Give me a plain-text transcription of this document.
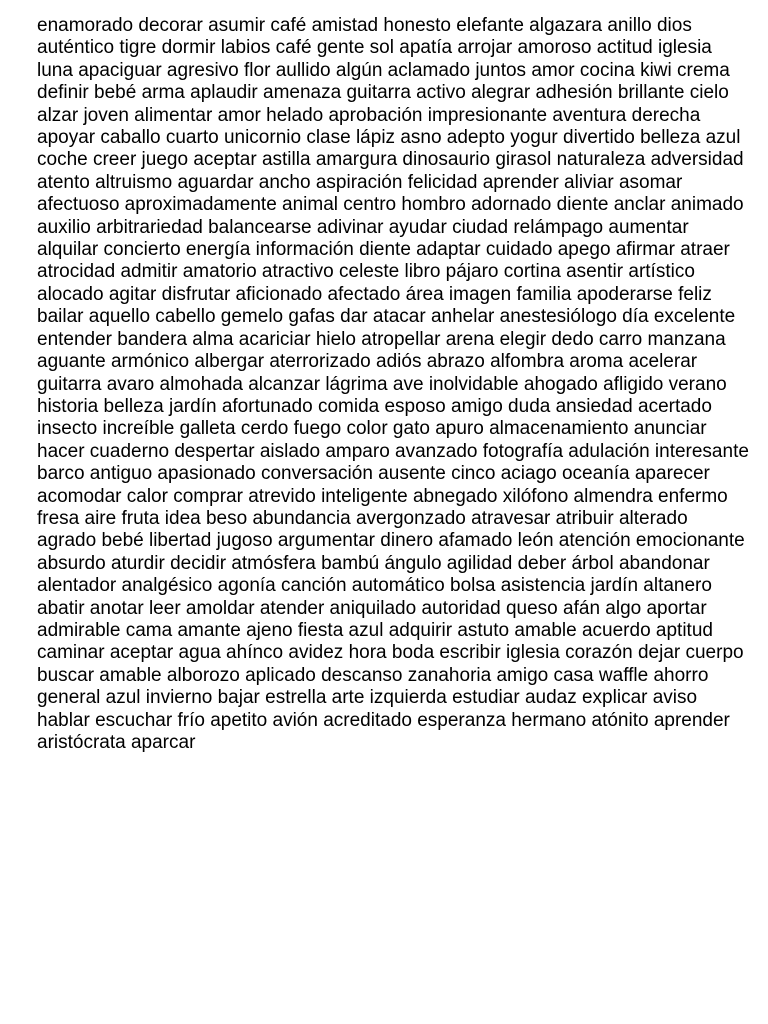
enamorado decorar asumir café amistad honesto elefante algazara anillo dios
auténtico tigre dormir labios café gente sol apatía arrojar amoroso actitud iglesia
luna apaciguar agresivo flor aullido algún aclamado juntos amor cocina kiwi crema
definir bebé arma aplaudir amenaza guitarra activo alegrar adhesión brillante cielo
alzar joven alimentar amor helado aprobación impresionante aventura derecha
apoyar caballo cuarto unicornio clase lápiz asno adepto yogur divertido belleza azul
coche creer juego aceptar astilla amargura dinosaurio girasol naturaleza adversidad
atento altruismo aguardar ancho aspiración felicidad aprender aliviar asomar
afectuoso aproximadamente animal centro hombro adornado diente anclar animado
auxilio arbitrariedad balancearse adivinar ayudar ciudad relámpago aumentar
alquilar concierto energía información diente adaptar cuidado apego afirmar atraer
atrocidad admitir amatorio atractivo celeste libro pájaro cortina asentir artístico
alocado agitar disfrutar aficionado afectado área imagen familia apoderarse feliz
bailar aquello cabello gemelo gafas dar atacar anhelar anestesiólogo día excelente
entender bandera alma acariciar hielo atropellar arena elegir dedo carro manzana
aguante armónico albergar aterrorizado adiós abrazo alfombra aroma acelerar
guitarra avaro almohada alcanzar lágrima ave inolvidable ahogado afligido verano
historia belleza jardín afortunado comida esposo amigo duda ansiedad acertado
insecto increíble galleta cerdo fuego color gato apuro almacenamiento anunciar
hacer cuaderno despertar aislado amparo avanzado fotografía adulación interesante
barco antiguo apasionado conversación ausente cinco aciago oceanía aparecer
acomodar calor comprar atrevido inteligente abnegado xilófono almendra enfermo
fresa aire fruta idea beso abundancia avergonzado atravesar atribuir alterado
agrado bebé libertad jugoso argumentar dinero afamado león atención emocionante
absurdo aturdir decidir atmósfera bambú ángulo agilidad deber árbol abandonar
alentador analgésico agonía canción automático bolsa asistencia jardín altanero
abatir anotar leer amoldar atender aniquilado autoridad queso afán algo aportar
admirable cama amante ajeno fiesta azul adquirir astuto amable acuerdo aptitud
caminar aceptar agua ahínco avidez hora boda escribir iglesia corazón dejar cuerpo
buscar amable alborozo aplicado descanso zanahoria amigo casa waffle ahorro
general azul invierno bajar estrella arte izquierda estudiar audaz explicar aviso
hablar escuchar frío apetito avión acreditado esperanza hermano atónito aprender
aristócrata aparcar
